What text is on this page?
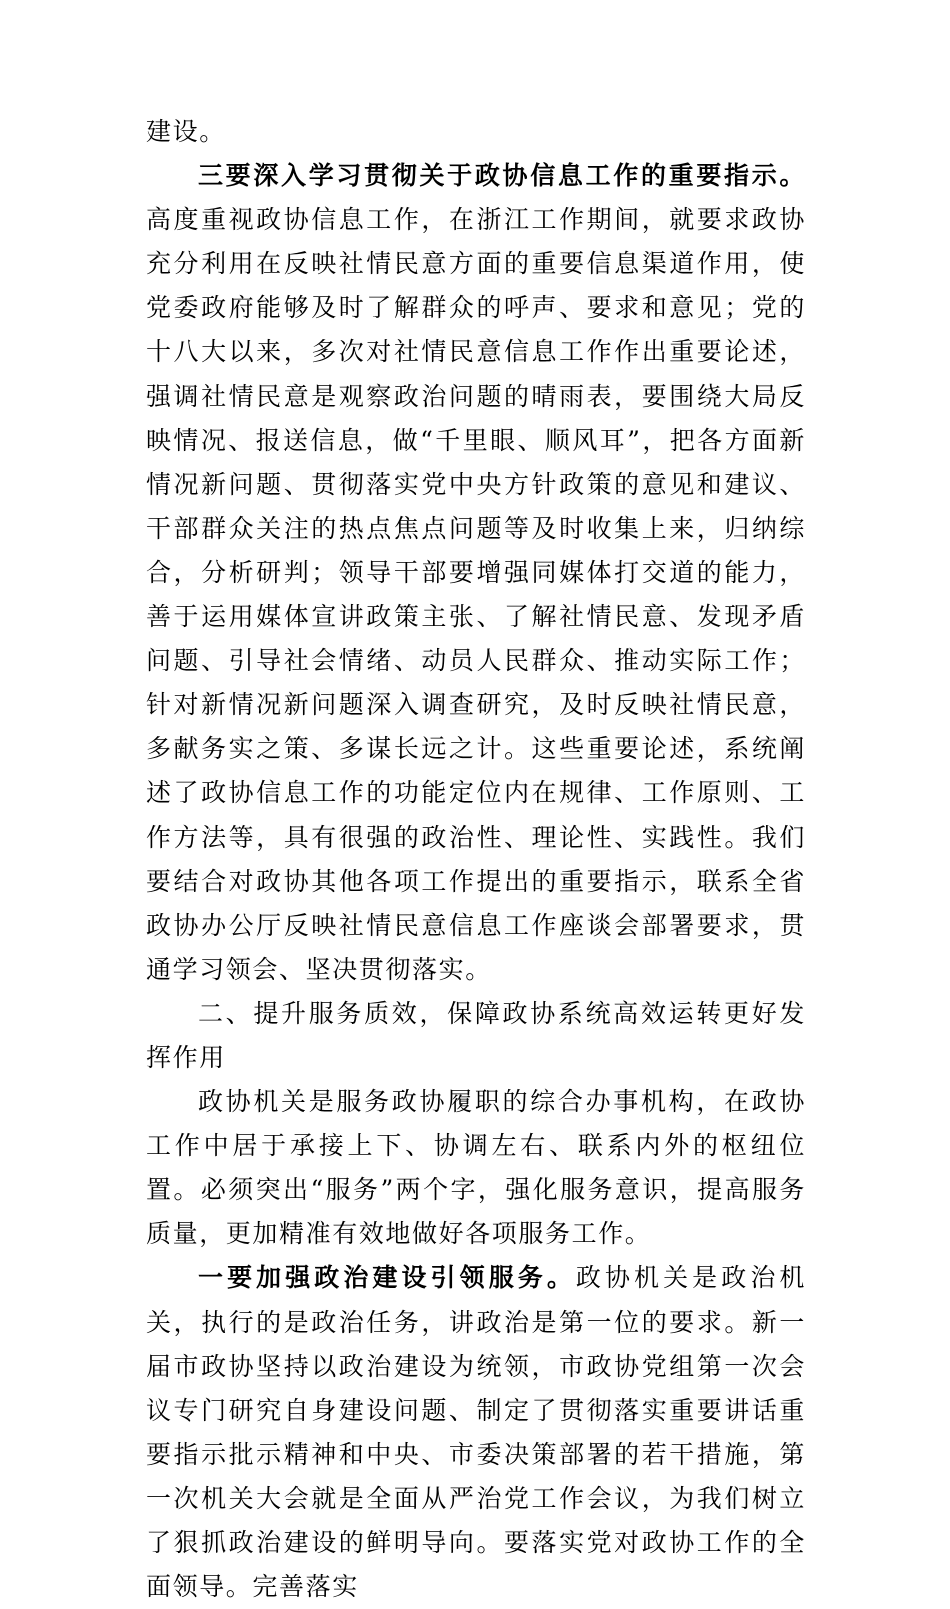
建设。

三要深入学习贯彻关于政协信息工作的重要指示。高度重视政协信息工作，在浙江工作期间，就要求政协充分利用在反映社情民意方面的重要信息渠道作用，使党委政府能够及时了解群众的呼声、要求和意见；党的十八大以来，多次对社情民意信息工作作出重要论述，强调社情民意是观察政治问题的晴雨表，要围绕大局反映情况、报送信息，做“千里眼、顺风耳”，把各方面新情况新问题、贯彻落实党中央方针政策的意见和建议、干部群众关注的热点焦点问题等及时收集上来，归纳综合，分析研判；领导干部要增强同媒体打交道的能力，善于运用媒体宣讲政策主张、了解社情民意、发现矛盾问题、引导社会情绪、动员人民群众、推动实际工作；针对新情况新问题深入调查研究，及时反映社情民意，多献务实之策、多谋长远之计。这些重要论述，系统阐述了政协信息工作的功能定位内在规律、工作原则、工作方法等，具有很强的政治性、理论性、实践性。我们要结合对政协其他各项工作提出的重要指示，联系全省政协办公厅反映社情民意信息工作座谈会部署要求，贯通学习领会、坚决贯彻落实。

二、提升服务质效，保障政协系统高效运转更好发挥作用

政协机关是服务政协履职的综合办事机构，在政协工作中居于承接上下、协调左右、联系内外的枢纽位置。必须突出“服务”两个字，强化服务意识，提高服务质量，更加精准有效地做好各项服务工作。

一要加强政治建设引领服务。政协机关是政治机关，执行的是政治任务，讲政治是第一位的要求。新一届市政协坚持以政治建设为统领，市政协党组第一次会议专门研究自身建设问题、制定了贯彻落实重要讲话重要指示批示精神和中央、市委决策部署的若干措施，第一次机关大会就是全面从严治党工作会议，为我们树立了狠抓政治建设的鲜明导向。要落实党对政协工作的全面领导。完善落实
